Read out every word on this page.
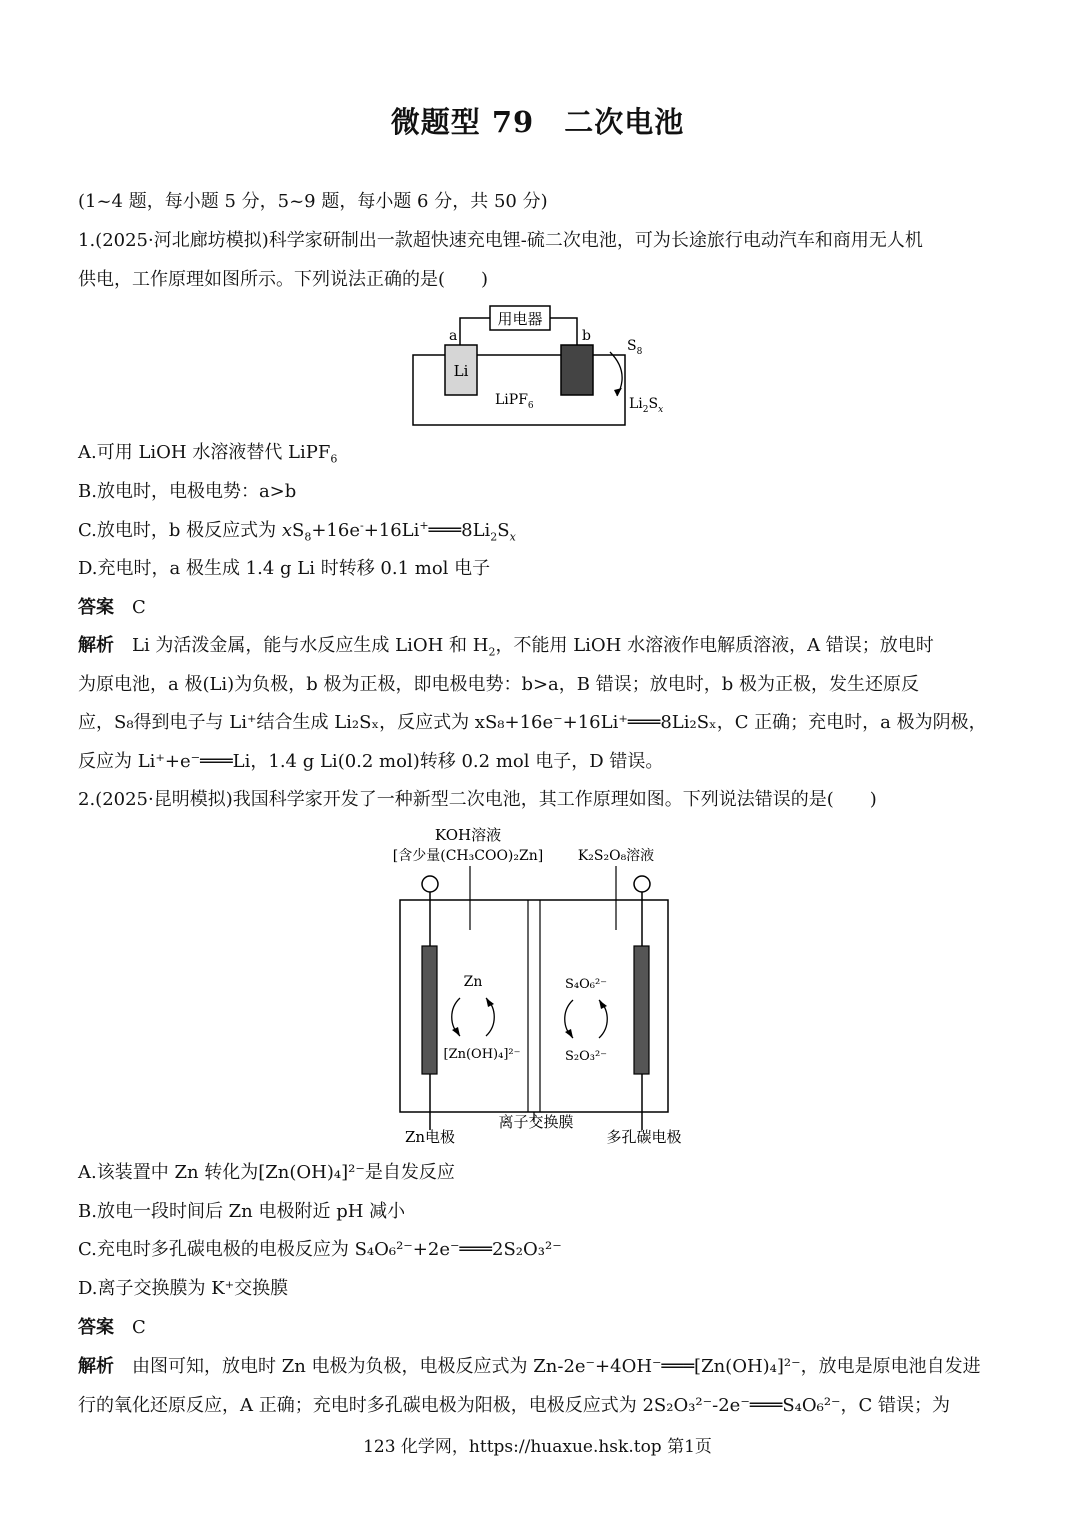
微题型 79　二次电池
(1~4 题，每小题 5 分，5~9 题，每小题 6 分，共 50 分)
1.(2025·河北廊坊模拟)科学家研制出一款超快速充电锂-硫二次电池，可为长途旅行电动汽车和商用无人机
供电，工作原理如图所示。下列说法正确的是(　　)
用电器
a	b
Li
LiPF$_6$
$S_8$
$Li_2S_x$
A.可用 LiOH 水溶液替代 LiPF$_6$
B.放电时，电极电势：a>b
C.放电时，b 极反应式为 $xS_8+16e^-+16Li^+═══8Li_2S_x$
D.充电时，a 极生成 1.4 g Li 时转移 0.1 mol 电子
答案　 C
解析　 Li 为活泼金属，能与水反应生成 LiOH 和 $H_2$，不能用 LiOH 水溶液作电解质溶液，A 错误；放电时
为原电池，a 极(Li)为负极，b 极为正极，即电极电势：b>a，B 错误；放电时，b 极为正极，发生还原反
应，S₈得到电子与 Li⁺结合生成 Li₂Sₓ，反应式为 xS₈+16e⁻+16Li⁺═══8Li₂Sₓ，C 正确；充电时，a 极为阴极，
反应为 Li⁺+e⁻═══Li，1.4 g Li(0.2 mol)转移 0.2 mol 电子，D 错误。
2.(2025·昆明模拟)我国科学家开发了一种新型二次电池，其工作原理如图。下列说法错误的是(　　)
KOH溶液
[含少量(CH₃COO)₂Zn] K₂S₂O₈溶液
Zn
[Zn(OH)₄]²⁻
S₄O₆²⁻
S₂O₃²⁻
Zn电极
离子交换膜
多孔碳电极
A.该装置中 Zn 转化为[Zn(OH)₄]²⁻是自发反应
B.放电一段时间后 Zn 电极附近 pH 减小
C.充电时多孔碳电极的电极反应为 S₄O₆²⁻+2e⁻═══2S₂O₃²⁻
D.离子交换膜为 K⁺交换膜
答案　 C
解析　 由图可知，放电时 Zn 电极为负极，电极反应式为 Zn-2e⁻+4OH⁻═══[Zn(OH)₄]²⁻，放电是原电池自发进
行的氧化还原反应，A 正确；充电时多孔碳电极为阳极，电极反应式为 2S₂O₃²⁻-2e⁻═══S₄O₆²⁻，C 错误；为
123 化学网，https://huaxue.hsk.top 第1页
